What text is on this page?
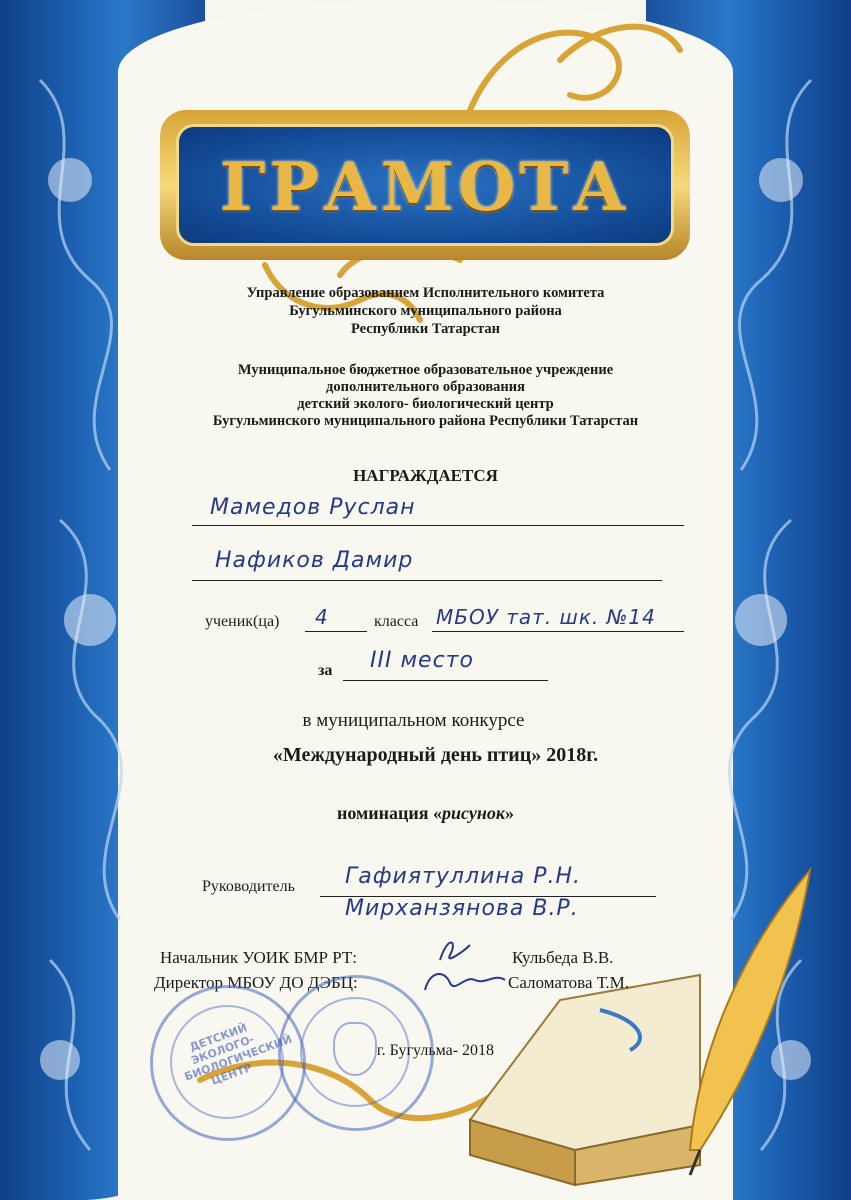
ГРАМОТА
Управление образованием Исполнительного комитета
Бугульминского муниципального района
Республики Татарстан
Муниципальное бюджетное образовательное учреждение
дополнительного образования
детский эколого- биологический центр
Бугульминского муниципального района Республики Татарстан
НАГРАЖДАЕТСЯ
Мамедов Руслан
Нафиков Дамир
ученик(ца) 4	класса МБОУ тат. шк. №14
за III место
в муниципальном конкурсе
«Международный день птиц» 2018г.
номинация «рисунок»
Руководитель Гафиятуллина Р.Н.
Мирханзянова В.Р.
Начальник УОИК БМР РТ:	Кульбеда В.В.
Директор МБОУ ДО ДЭБЦ:	Саломатова Т.М.
ДЕТСКИЙ ЭКОЛОГО-БИОЛОГИЧЕСКИЙ ЦЕНТР
г. Бугульма- 2018
